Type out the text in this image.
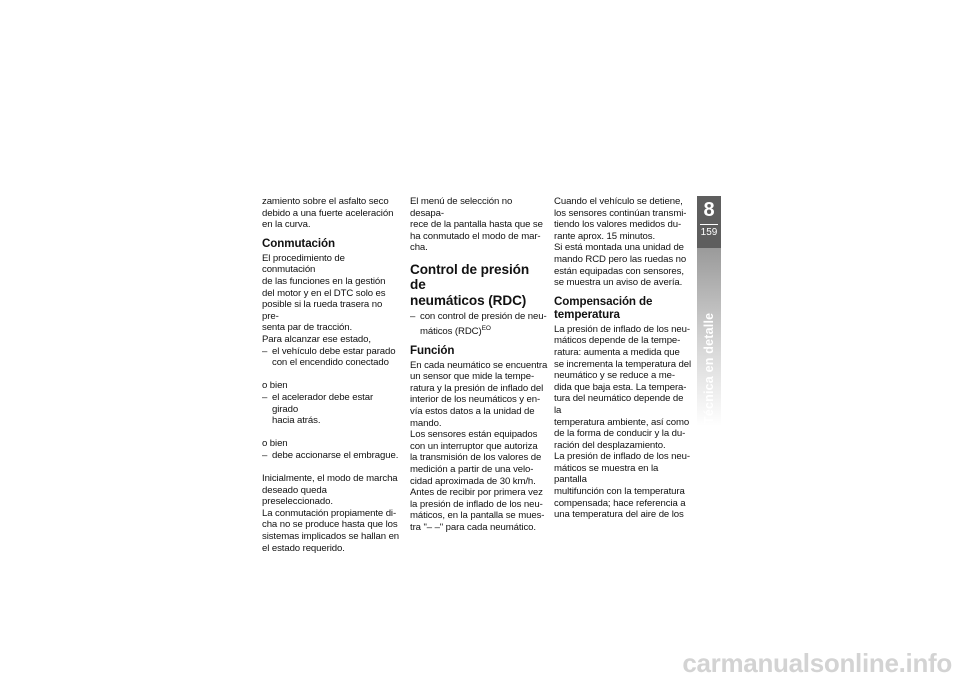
zamiento sobre el asfalto seco

debido a una fuerte aceleración

en la curva.

Conmutación

El procedimiento de conmutación

de las funciones en la gestión

del motor y en el DTC solo es

posible si la rueda trasera no pre-

senta par de tracción.

Para alcanzar ese estado,

– el vehículo debe estar parado

con el encendido conectado

o bien

– el acelerador debe estar girado

hacia atrás.

o bien

– debe accionarse el embrague.

Inicialmente, el modo de marcha

deseado queda preseleccionado.

La conmutación propiamente di-

cha no se produce hasta que los

sistemas implicados se hallan en

el estado requerido.

El menú de selección no desapa-

rece de la pantalla hasta que se

ha conmutado el modo de mar-

cha.

Control de presión de
neumáticos (RDC)
– con control de presión de neu-

máticos (RDC)$^{EO}$

Función

En cada neumático se encuentra

un sensor que mide la tempe-

ratura y la presión de inflado del

interior de los neumáticos y en-

vía estos datos a la unidad de

mando.

Los sensores están equipados

con un interruptor que autoriza

la transmisión de los valores de

medición a partir de una velo-

cidad aproximada de 30 km/h.

Antes de recibir por primera vez

la presión de inflado de los neu-

máticos, en la pantalla se mues-

tra "– –" para cada neumático.

Cuando el vehículo se detiene,

los sensores continúan transmi-

tiendo los valores medidos du-

rante aprox. 15 minutos.

Si está montada una unidad de

mando RCD pero las ruedas no

están equipadas con sensores,

se muestra un aviso de avería.

Compensación de
temperatura

La presión de inflado de los neu-

máticos depende de la tempe-

ratura: aumenta a medida que

se incrementa la temperatura del

neumático y se reduce a me-

dida que baja esta. La tempera-

tura del neumático depende de la

temperatura ambiente, así como

de la forma de conducir y la du-

ración del desplazamiento.

La presión de inflado de los neu-

máticos se muestra en la pantalla

multifunción con la temperatura

compensada; hace referencia a

una temperatura del aire de los

8
159
Técnica en detalle
carmanualsonline.info
